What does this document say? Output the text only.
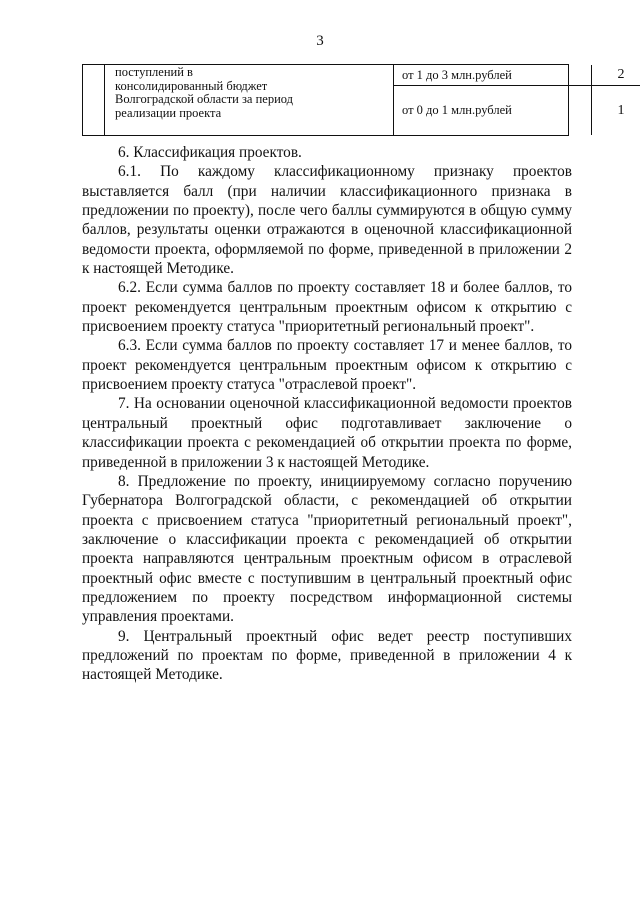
3
поступлений в
консолидированный бюджет
Волгоградской области за период
реализации проекта
от 1 до 3 млн.рублей
от 0 до 1 млн.рублей
2
1

6. Классификация проектов.

6.1. По каждому классификационному признаку проектов выставляется балл (при наличии классификационного признака в предложении по проекту), после чего баллы суммируются в общую сумму баллов, результаты оценки отражаются в оценочной классификационной ведомости проекта, оформляемой по форме, приведенной в приложении 2 к настоящей Методике.

6.2. Если сумма баллов по проекту составляет 18 и более баллов, то проект рекомендуется центральным проектным офисом к открытию с присвоением проекту статуса "приоритетный региональный проект".

6.3. Если сумма баллов по проекту составляет 17 и менее баллов, то проект рекомендуется центральным проектным офисом к открытию с присвоением проекту статуса "отраслевой проект".

7. На основании оценочной классификационной ведомости проектов центральный проектный офис подготавливает заключение о классификации проекта с рекомендацией об открытии проекта по форме, приведенной в приложении 3 к настоящей Методике.

8. Предложение по проекту, инициируемому согласно поручению Губернатора Волгоградской области, с рекомендацией об открытии проекта с присвоением статуса "приоритетный региональный проект", заключение о классификации проекта с рекомендацией об открытии проекта направляются центральным проектным офисом в отраслевой проектный офис вместе с поступившим в центральный проектный офис предложением по проекту посредством информационной системы управления проектами.

9. Центральный проектный офис ведет реестр поступивших предложений по проектам по форме, приведенной в приложении 4 к настоящей Методике.
